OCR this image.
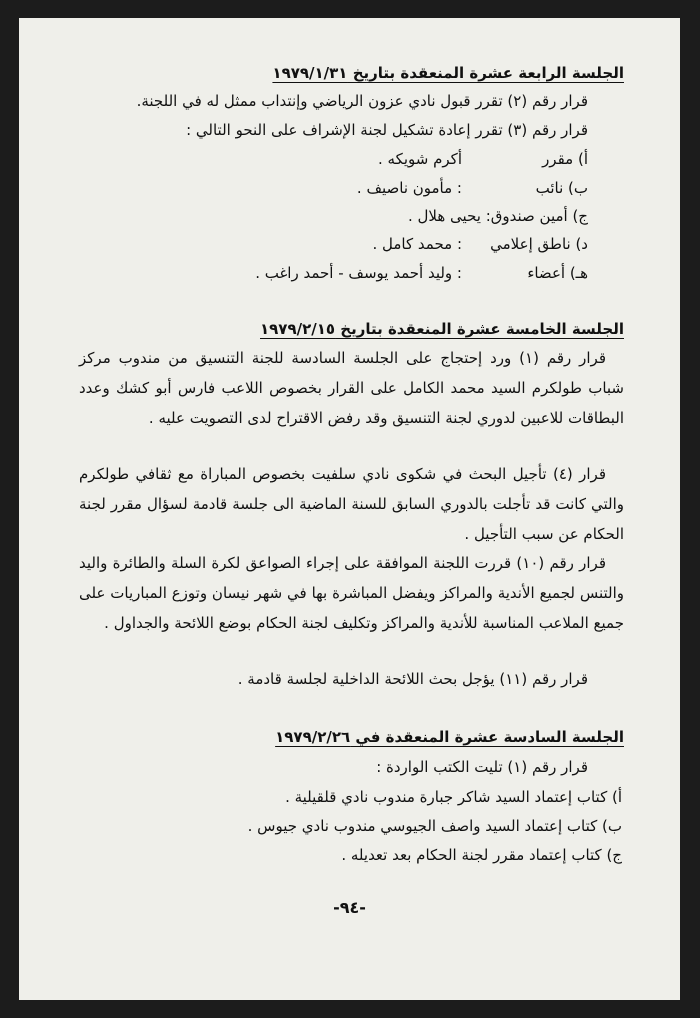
الجلسة الرابعة عشرة المنعقدة بتاريخ ١٩٧٩/١/٣١
قرار رقم (٢) تقرر قبول نادي عزون الرياضي وإنتداب ممثل له في اللجنة.
قرار رقم (٣) تقرر إعادة تشكيل لجنة الإشراف على النحو التالي :
أ) مقرر
أكرم شويكه .
ب) نائب
: مأمون ناصيف .
ج) أمين صندوق: يحيى هلال .
د) ناطق إعلامي
: محمد كامل .
هـ) أعضاء
: وليد أحمد يوسف - أحمد راغب .
الجلسة الخامسة عشرة المنعقدة بتاريخ ١٩٧٩/٢/١٥
قرار رقم (١) ورد إحتجاج على الجلسة السادسة للجنة التنسيق من مندوب مركز شباب طولكرم السيد محمد الكامل على القرار بخصوص اللاعب فارس أبو كشك وعدد البطاقات للاعبين لدوري لجنة التنسيق وقد رفض الاقتراح لدى التصويت عليه .
قرار (٤) تأجيل البحث في شكوى نادي سلفيت بخصوص المباراة مع ثقافي طولكرم والتي كانت قد تأجلت بالدوري السابق للسنة الماضية الى جلسة قادمة لسؤال مقرر لجنة الحكام عن سبب التأجيل .
قرار رقم (١٠) قررت اللجنة الموافقة على إجراء الصواعق لكرة السلة والطائرة واليد والتنس لجميع الأندية والمراكز ويفضل المباشرة بها في شهر نيسان وتوزع المباريات على جميع الملاعب المناسبة للأندية والمراكز وتكليف لجنة الحكام بوضع اللائحة والجداول .
قرار رقم (١١) يؤجل بحث اللائحة الداخلية لجلسة قادمة .
الجلسة السادسة عشرة المنعقدة في ١٩٧٩/٢/٢٦
قرار رقم (١) تليت الكتب الواردة :
أ) كتاب إعتماد السيد شاكر جبارة مندوب نادي قلقيلية .
ب) كتاب إعتماد السيد واصف الجيوسي مندوب نادي جيوس .
ج) كتاب إعتماد مقرر لجنة الحكام بعد تعديله .
-٩٤-
